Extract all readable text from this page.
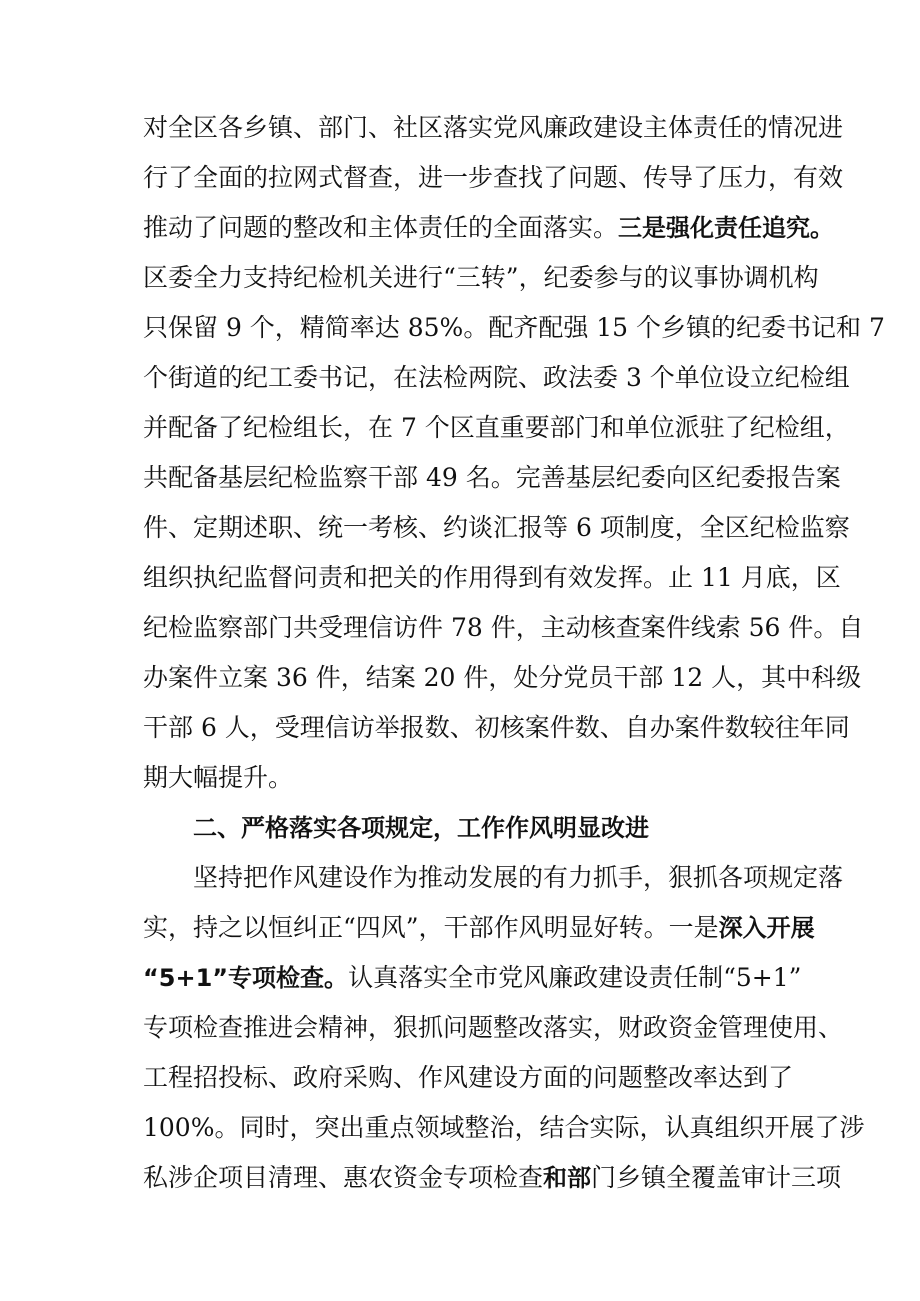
对全区各乡镇、部门、社区落实党风廉政建设主体责任的情况进
行了全面的拉网式督查，进一步查找了问题、传导了压力，有效
推动了问题的整改和主体责任的全面落实。三是强化责任追究。
区委全力支持纪检机关进行“三转”，纪委参与的议事协调机构
只保留 9 个，精简率达 85%。配齐配强 15 个乡镇的纪委书记和 7
个街道的纪工委书记，在法检两院、政法委 3 个单位设立纪检组
并配备了纪检组长，在 7 个区直重要部门和单位派驻了纪检组，
共配备基层纪检监察干部 49 名。完善基层纪委向区纪委报告案
件、定期述职、统一考核、约谈汇报等 6 项制度，全区纪检监察
组织执纪监督问责和把关的作用得到有效发挥。止 11 月底，区
纪检监察部门共受理信访件 78 件，主动核查案件线索 56 件。自
办案件立案 36 件，结案 20 件，处分党员干部 12 人，其中科级
干部 6 人，受理信访举报数、初核案件数、自办案件数较往年同
期大幅提升。
二、严格落实各项规定，工作作风明显改进
坚持把作风建设作为推动发展的有力抓手，狠抓各项规定落
实，持之以恒纠正“四风”，干部作风明显好转。一是深入开展
“5+1”专项检查。认真落实全市党风廉政建设责任制“5+1”
专项检查推进会精神，狠抓问题整改落实，财政资金管理使用、
工程招投标、政府采购、作风建设方面的问题整改率达到了
100%。同时，突出重点领域整治，结合实际，认真组织开展了涉
私涉企项目清理、惠农资金专项检查和部门乡镇全覆盖审计三项
